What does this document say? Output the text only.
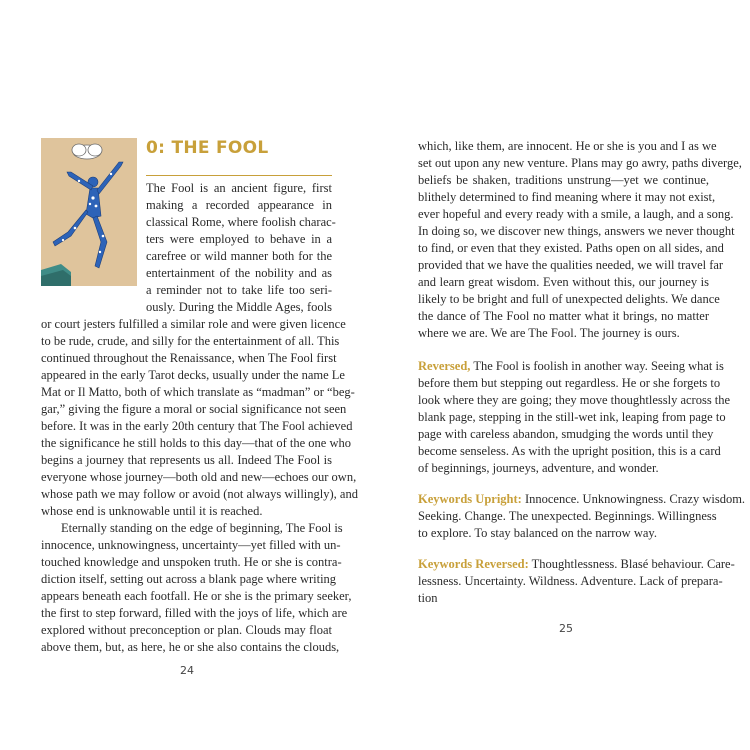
0: THE FOOL
The Fool is an ancient figure, first
making a recorded appearance in
classical Rome, where foolish charac-
ters were employed to behave in a
carefree or wild manner both for the
entertainment of the nobility and as
a reminder not to take life too seri-
ously. During the Middle Ages, fools
or court jesters fulfilled a similar role and were given licence
to be rude, crude, and silly for the entertainment of all. This
continued throughout the Renaissance, when The Fool first
appeared in the early Tarot decks, usually under the name Le
Mat or Il Matto, both of which translate as “madman” or “beg-
gar,” giving the figure a moral or social significance not seen
before. It was in the early 20th century that The Fool achieved
the significance he still holds to this day—that of the one who
begins a journey that represents us all. Indeed The Fool is
everyone whose journey—both old and new—echoes our own,
whose path we may follow or avoid (not always willingly), and
whose end is unknowable until it is reached.
Eternally standing on the edge of beginning, The Fool is
innocence, unknowingness, uncertainty—yet filled with un-
touched knowledge and unspoken truth. He or she is contra-
diction itself, setting out across a blank page where writing
appears beneath each footfall. He or she is the primary seeker,
the first to step forward, filled with the joys of life, which are
explored without preconception or plan. Clouds may float
above them, but, as here, he or she also contains the clouds,
24
which, like them, are innocent. He or she is you and I as we
set out upon any new venture. Plans may go awry, paths diverge,
beliefs be shaken, traditions unstrung—yet we continue,
blithely determined to find meaning where it may not exist,
ever hopeful and every ready with a smile, a laugh, and a song.
In doing so, we discover new things, answers we never thought
to find, or even that they existed. Paths open on all sides, and
provided that we have the qualities needed, we will travel far
and learn great wisdom. Even without this, our journey is
likely to be bright and full of unexpected delights. We dance
the dance of The Fool no matter what it brings, no matter
where we are. We are The Fool. The journey is ours.
Reversed, The Fool is foolish in another way. Seeing what is
before them but stepping out regardless. He or she forgets to
look where they are going; they move thoughtlessly across the
blank page, stepping in the still-wet ink, leaping from page to
page with careless abandon, smudging the words until they
become senseless. As with the upright position, this is a card
of beginnings, journeys, adventure, and wonder.
Keywords Upright: Innocence. Unknowingness. Crazy wisdom.
Seeking. Change. The unexpected. Beginnings. Willingness
to explore. To stay balanced on the narrow way.
Keywords Reversed: Thoughtlessness. Blasé behaviour. Care-
lessness. Uncertainty. Wildness. Adventure. Lack of prepara-
tion
25
